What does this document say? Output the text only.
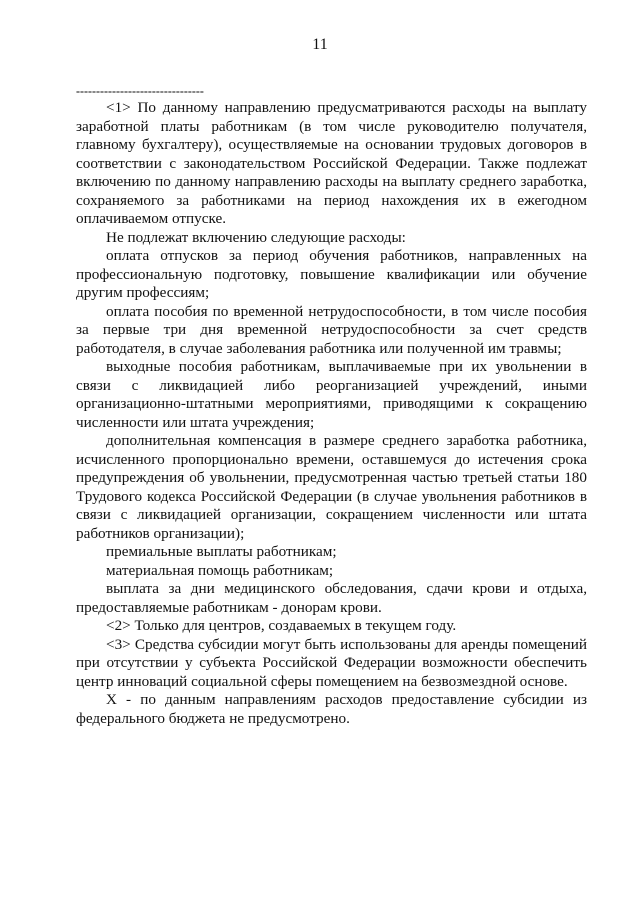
11
--------------------------------

<1> По данному направлению предусматриваются расходы на выплату заработной платы работникам (в том числе руководителю получателя, главному бухгалтеру), осуществляемые на основании трудовых договоров в соответствии с законодательством Российской Федерации. Также подлежат включению по данному направлению расходы на выплату среднего заработка, сохраняемого за работниками на период нахождения их в ежегодном оплачиваемом отпуске.

Не подлежат включению следующие расходы:

оплата отпусков за период обучения работников, направленных на профессиональную подготовку, повышение квалификации или обучение другим профессиям;

оплата пособия по временной нетрудоспособности, в том числе пособия за первые три дня временной нетрудоспособности за счет средств работодателя, в случае заболевания работника или полученной им травмы;

выходные пособия работникам, выплачиваемые при их увольнении в связи с ликвидацией либо реорганизацией учреждений, иными организационно-штатными мероприятиями, приводящими к сокращению численности или штата учреждения;

дополнительная компенсация в размере среднего заработка работника, исчисленного пропорционально времени, оставшемуся до истечения срока предупреждения об увольнении, предусмотренная частью третьей статьи 180 Трудового кодекса Российской Федерации (в случае увольнения работников в связи с ликвидацией организации, сокращением численности или штата работников организации);

премиальные выплаты работникам;

материальная помощь работникам;

выплата за дни медицинского обследования, сдачи крови и отдыха, предоставляемые работникам - донорам крови.

<2> Только для центров, создаваемых в текущем году.

<3> Средства субсидии могут быть использованы для аренды помещений при отсутствии у субъекта Российской Федерации возможности обеспечить центр инноваций социальной сферы помещением на безвозмездной основе.

Х - по данным направлениям расходов предоставление субсидии из федерального бюджета не предусмотрено.
